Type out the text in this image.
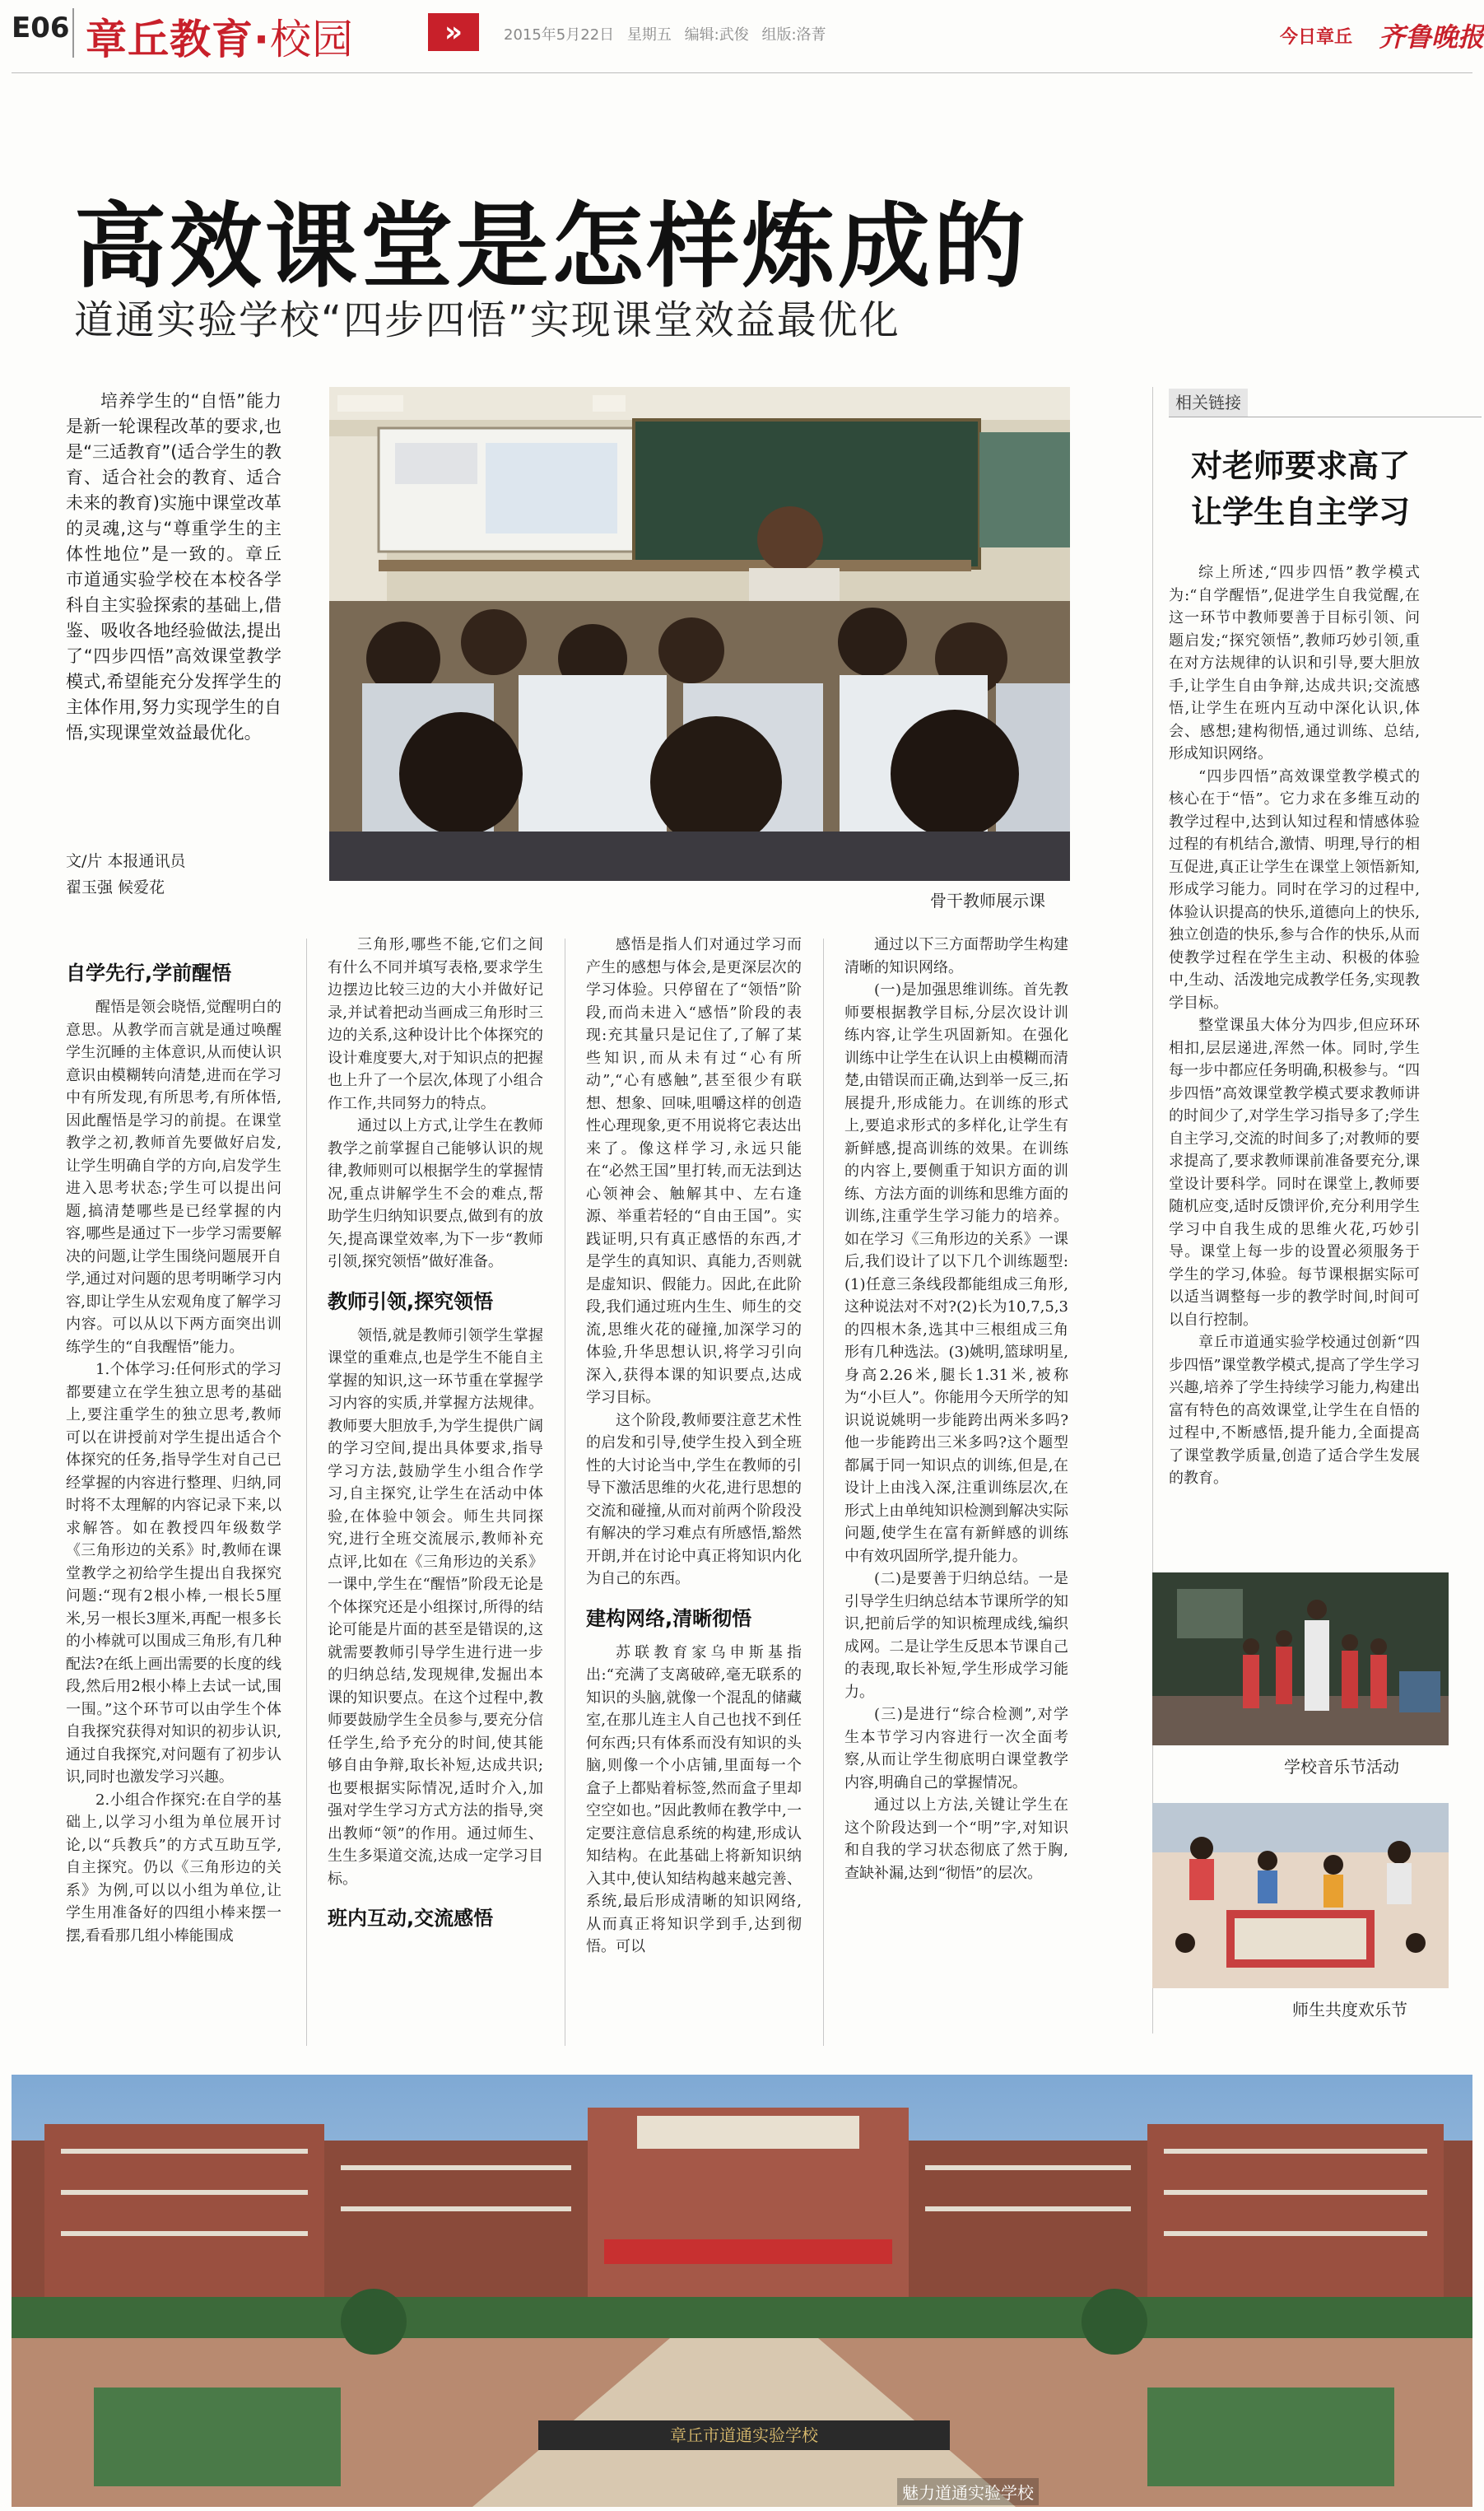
E06 章丘教育·校园	»	2015年5月22日 星期五 编辑:武俊 组版:洛菁	今日章丘 齐鲁晚报
高效课堂是怎样炼成的
道通实验学校“四步四悟”实现课堂效益最优化
培养学生的“自悟”能力是新一轮课程改革的要求,也是“三适教育”(适合学生的教育、适合社会的教育、适合未来的教育)实施中课堂改革的灵魂,这与“尊重学生的主体性地位”是一致的。章丘市道通实验学校在本校各学科自主实验探索的基础上,借鉴、吸收各地经验做法,提出了“四步四悟”高效课堂教学模式,希望能充分发挥学生的主体作用,努力实现学生的自悟,实现课堂效益最优化。
文/片 本报通讯员
翟玉强 候爱花
骨干教师展示课
自学先行,学前醒悟

醒悟是领会晓悟,觉醒明白的意思。从教学而言就是通过唤醒学生沉睡的主体意识,从而使认识意识由模糊转向清楚,进而在学习中有所发现,有所思考,有所体悟,因此醒悟是学习的前提。在课堂教学之初,教师首先要做好启发,让学生明确自学的方向,启发学生进入思考状态;学生可以提出问题,搞清楚哪些是已经掌握的内容,哪些是通过下一步学习需要解决的问题,让学生围绕问题展开自学,通过对问题的思考明晰学习内容,即让学生从宏观角度了解学习内容。可以从以下两方面突出训练学生的“自我醒悟”能力。

1.个体学习:任何形式的学习都要建立在学生独立思考的基础上,要注重学生的独立思考,教师可以在讲授前对学生提出适合个体探究的任务,指导学生对自己已经掌握的内容进行整理、归纳,同时将不太理解的内容记录下来,以求解答。如在教授四年级数学《三角形边的关系》时,教师在课堂教学之初给学生提出自我探究问题:“现有2根小棒,一根长5厘米,另一根长3厘米,再配一根多长的小棒就可以围成三角形,有几种配法?在纸上画出需要的长度的线段,然后用2根小棒上去试一试,围一围。”这个环节可以由学生个体自我探究获得对知识的初步认识,通过自我探究,对问题有了初步认识,同时也激发学习兴趣。

2.小组合作探究:在自学的基础上,以学习小组为单位展开讨论,以“兵教兵”的方式互助互学,自主探究。仍以《三角形边的关系》为例,可以以小组为单位,让学生用准备好的四组小棒来摆一摆,看看那几组小棒能围成

三角形,哪些不能,它们之间有什么不同并填写表格,要求学生边摆边比较三边的大小并做好记录,并试着把动当画成三角形时三边的关系,这种设计比个体探究的设计难度要大,对于知识点的把握也上升了一个层次,体现了小组合作工作,共同努力的特点。

通过以上方式,让学生在教师教学之前掌握自己能够认识的规律,教师则可以根据学生的掌握情况,重点讲解学生不会的难点,帮助学生归纳知识要点,做到有的放矢,提高课堂效率,为下一步“教师引领,探究领悟”做好准备。

教师引领,探究领悟

领悟,就是教师引领学生掌握课堂的重难点,也是学生不能自主掌握的知识,这一环节重在掌握学习内容的实质,并掌握方法规律。教师要大胆放手,为学生提供广阔的学习空间,提出具体要求,指导学习方法,鼓励学生小组合作学习,自主探究,让学生在活动中体验,在体验中领会。师生共同探究,进行全班交流展示,教师补充点评,比如在《三角形边的关系》一课中,学生在“醒悟”阶段无论是个体探究还是小组探讨,所得的结论可能是片面的甚至是错误的,这就需要教师引导学生进行进一步的归纳总结,发现规律,发掘出本课的知识要点。在这个过程中,教师要鼓励学生全员参与,要充分信任学生,给予充分的时间,使其能够自由争辩,取长补短,达成共识;也要根据实际情况,适时介入,加强对学生学习方式方法的指导,突出教师“领”的作用。通过师生、生生多渠道交流,达成一定学习目标。

班内互动,交流感悟

感悟是指人们对通过学习而产生的感想与体会,是更深层次的学习体验。只停留在了“领悟”阶段,而尚未进入“感悟”阶段的表现:充其量只是记住了,了解了某些知识,而从未有过“心有所动”,“心有感触”,甚至很少有联想、想象、回味,咀嚼这样的创造性心理现象,更不用说将它表达出来了。像这样学习,永远只能在“必然王国”里打转,而无法到达心领神会、触解其中、左右逢源、举重若轻的“自由王国”。实践证明,只有真正感悟的东西,才是学生的真知识、真能力,否则就是虚知识、假能力。因此,在此阶段,我们通过班内生生、师生的交流,思维火花的碰撞,加深学习的体验,升华思想认识,将学习引向深入,获得本课的知识要点,达成学习目标。

这个阶段,教师要注意艺术性的启发和引导,使学生投入到全班性的大讨论当中,学生在教师的引导下激活思维的火花,进行思想的交流和碰撞,从而对前两个阶段没有解决的学习难点有所感悟,豁然开朗,并在讨论中真正将知识内化为自己的东西。

建构网络,清晰彻悟

苏联教育家乌申斯基指出:“充满了支离破碎,毫无联系的知识的头脑,就像一个混乱的储藏室,在那儿连主人自己也找不到任何东西;只有体系而没有知识的头脑,则像一个小店铺,里面每一个盒子上都贴着标签,然而盒子里却空空如也。”因此教师在教学中,一定要注意信息系统的构建,形成认知结构。在此基础上将新知识纳入其中,使认知结构越来越完善、系统,最后形成清晰的知识网络,从而真正将知识学到手,达到彻悟。可以

通过以下三方面帮助学生构建清晰的知识网络。

(一)是加强思维训练。首先教师要根据教学目标,分层次设计训练内容,让学生巩固新知。在强化训练中让学生在认识上由模糊而清楚,由错误而正确,达到举一反三,拓展提升,形成能力。在训练的形式上,要追求形式的多样化,让学生有新鲜感,提高训练的效果。在训练的内容上,要侧重于知识方面的训练、方法方面的训练和思维方面的训练,注重学生学习能力的培养。如在学习《三角形边的关系》一课后,我们设计了以下几个训练题型:(1)任意三条线段都能组成三角形,这种说法对不对?(2)长为10,7,5,3的四根木条,选其中三根组成三角形有几种选法。(3)姚明,篮球明星,身高2.26米,腿长1.31米,被称为“小巨人”。你能用今天所学的知识说说姚明一步能跨出两米多吗?他一步能跨出三米多吗?这个题型都属于同一知识点的训练,但是,在设计上由浅入深,注重训练层次,在形式上由单纯知识检测到解决实际问题,使学生在富有新鲜感的训练中有效巩固所学,提升能力。

(二)是要善于归纳总结。一是引导学生归纳总结本节课所学的知识,把前后学的知识梳理成线,编织成网。二是让学生反思本节课自己的表现,取长补短,学生形成学习能力。

(三)是进行“综合检测”,对学生本节学习内容进行一次全面考察,从而让学生彻底明白课堂教学内容,明确自己的掌握情况。

通过以上方法,关键让学生在这个阶段达到一个“明”字,对知识和自我的学习状态彻底了然于胸,查缺补漏,达到“彻悟”的层次。

相关链接
对老师要求高了
让学生自主学习

综上所述,“四步四悟”教学模式为:“自学醒悟”,促进学生自我觉醒,在这一环节中教师要善于目标引领、问题启发;“探究领悟”,教师巧妙引领,重在对方法规律的认识和引导,要大胆放手,让学生自由争辩,达成共识;交流感悟,让学生在班内互动中深化认识,体会、感想;建构彻悟,通过训练、总结,形成知识网络。

“四步四悟”高效课堂教学模式的核心在于“悟”。它力求在多维互动的教学过程中,达到认知过程和情感体验过程的有机结合,激情、明理,导行的相互促进,真正让学生在课堂上领悟新知,形成学习能力。同时在学习的过程中,体验认识提高的快乐,道德向上的快乐,独立创造的快乐,参与合作的快乐,从而使教学过程在学生主动、积极的体验中,生动、活泼地完成教学任务,实现教学目标。

整堂课虽大体分为四步,但应环环相扣,层层递进,浑然一体。同时,学生每一步中都应任务明确,积极参与。“四步四悟”高效课堂教学模式要求教师讲的时间少了,对学生学习指导多了;学生自主学习,交流的时间多了;对教师的要求提高了,要求教师课前准备要充分,课堂设计要科学。同时在课堂上,教师要随机应变,适时反馈评价,充分利用学生学习中自我生成的思维火花,巧妙引导。课堂上每一步的设置必须服务于学生的学习,体验。每节课根据实际可以适当调整每一步的教学时间,时间可以自行控制。

章丘市道通实验学校通过创新“四步四悟”课堂教学模式,提高了学生学习兴趣,培养了学生持续学习能力,构建出富有特色的高效课堂,让学生在自悟的过程中,不断感悟,提升能力,全面提高了课堂教学质量,创造了适合学生发展的教育。

学校音乐节活动
师生共度欢乐节
章丘市道通实验学校
魅力道通实验学校
